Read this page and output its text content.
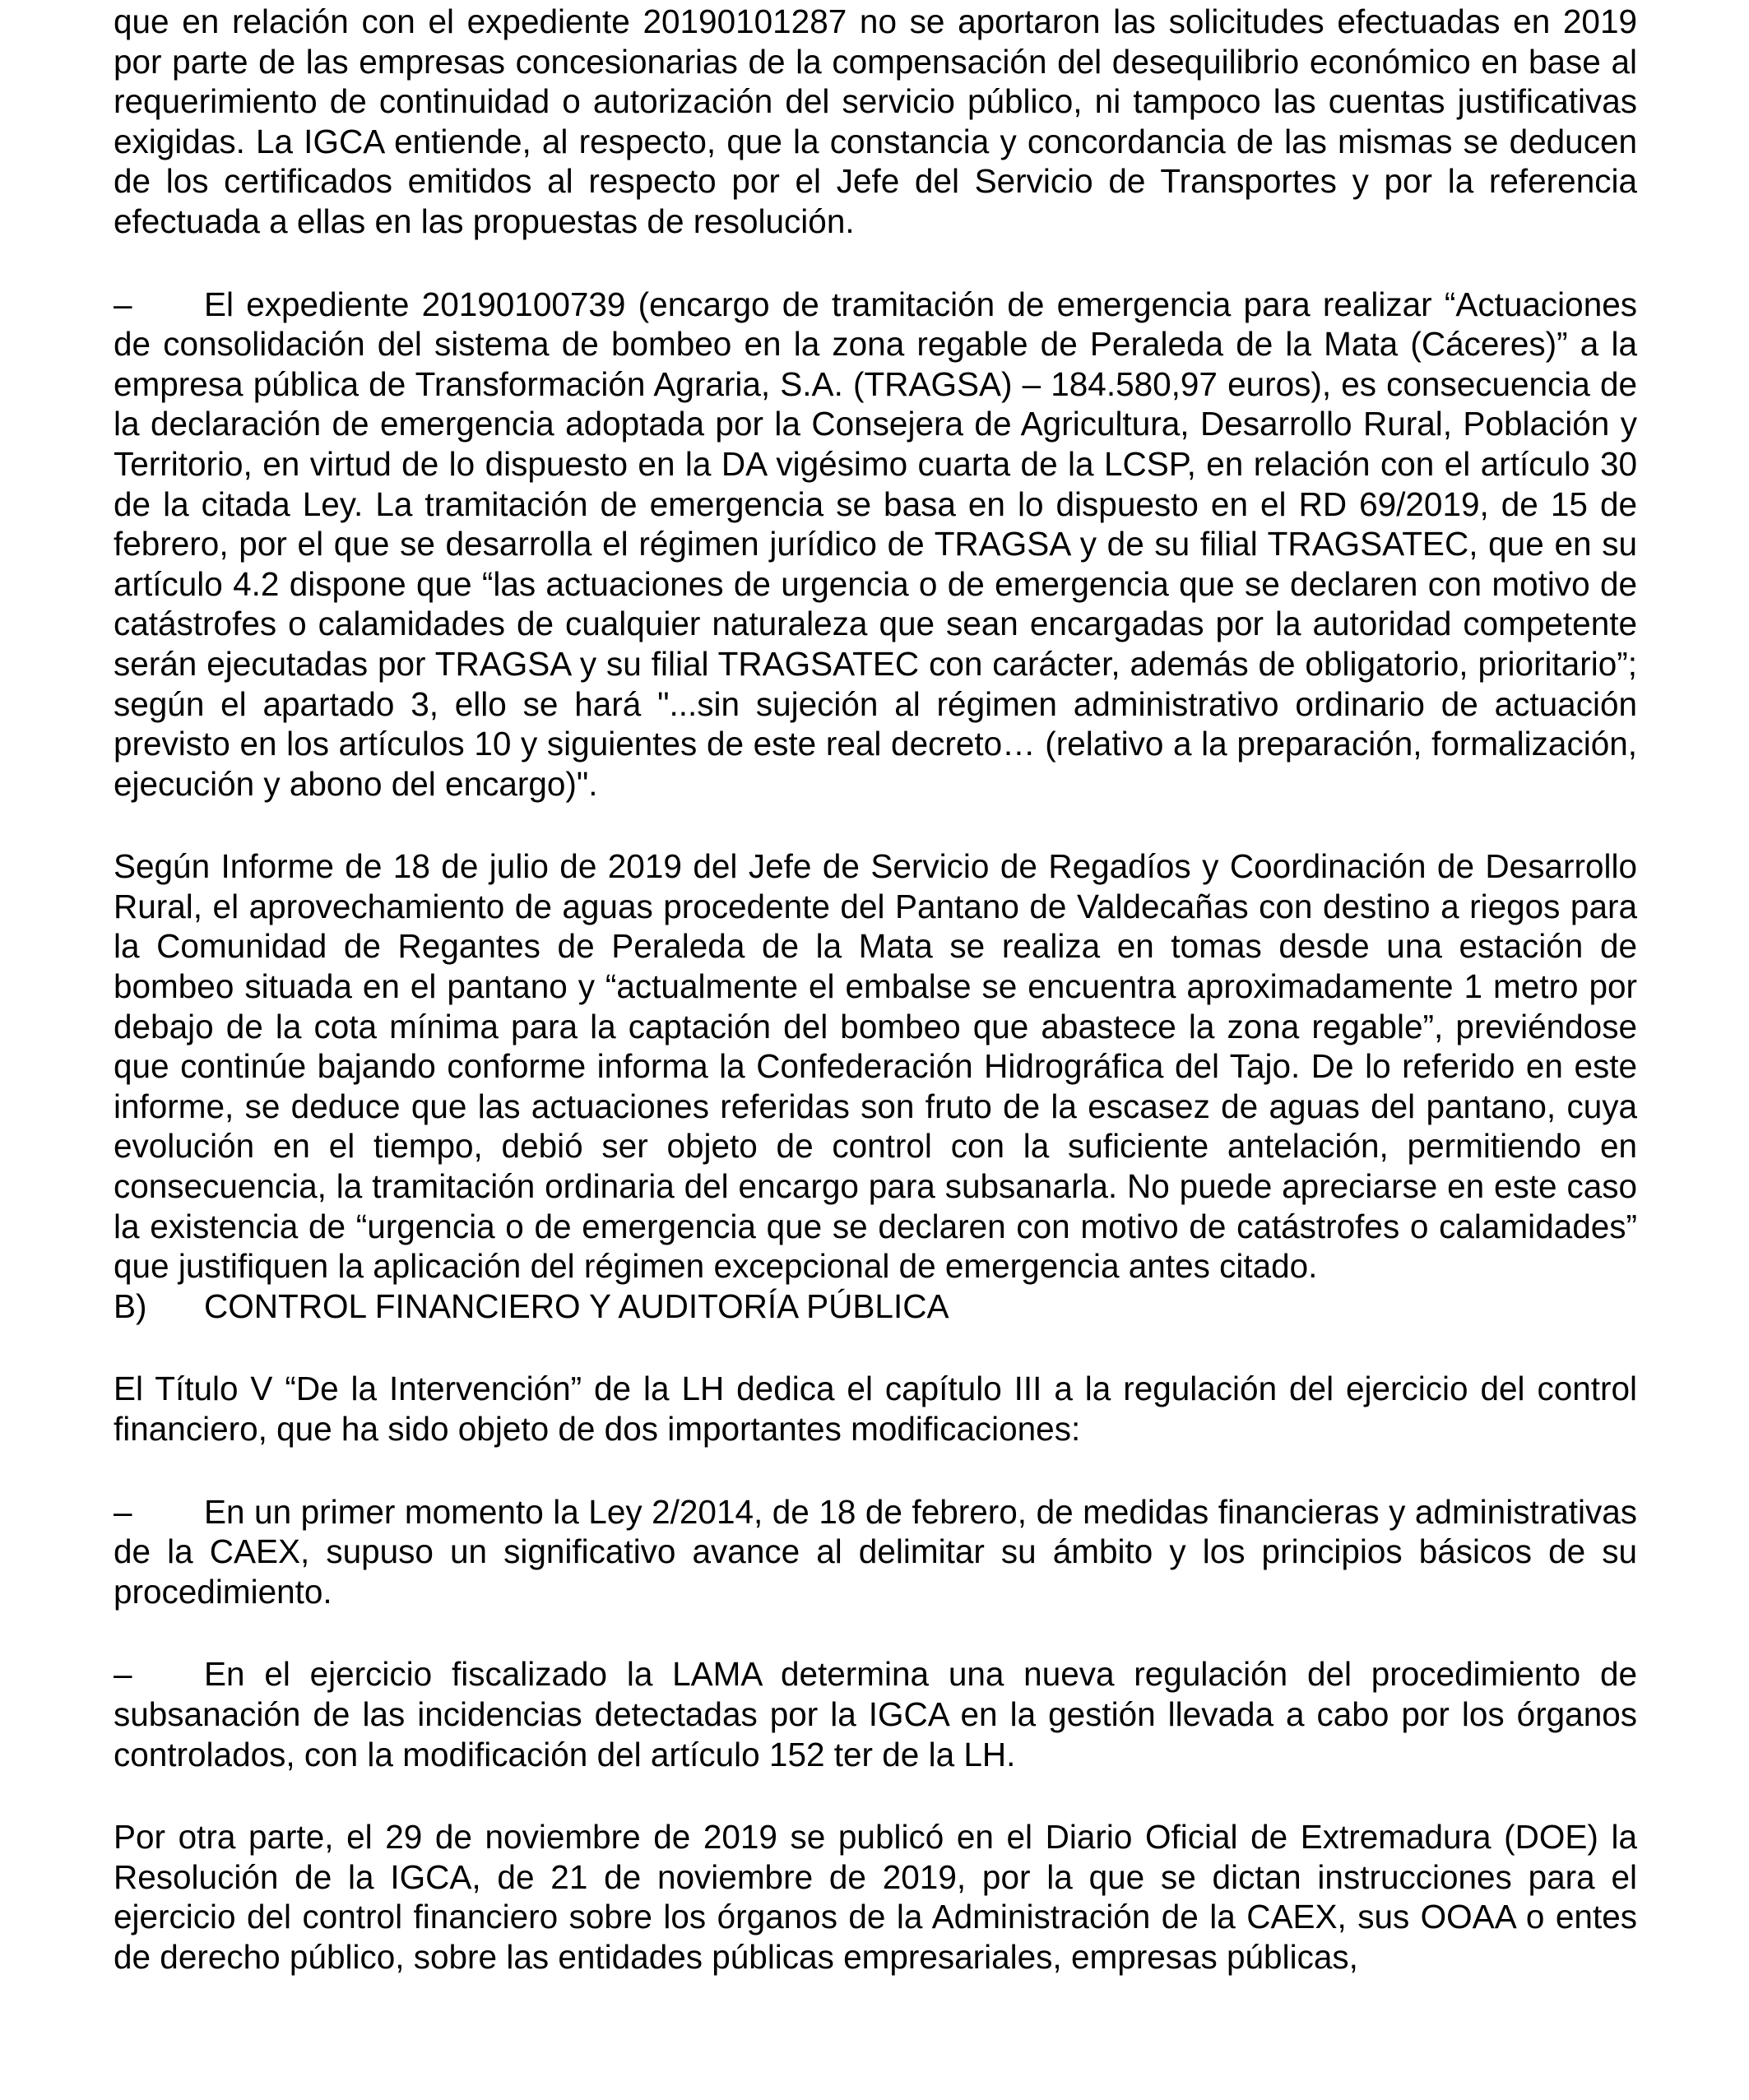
que en relación con el expediente 20190101287 no se aportaron las solicitudes efectuadas en 2019 por parte de las empresas concesionarias de la compensación del desequilibrio económico en base al requerimiento de continuidad o autorización del servicio público, ni tampoco las cuentas justificativas exigidas. La IGCA entiende, al respecto, que la constancia y concordancia de las mismas se deducen de los certificados emitidos al respecto por el Jefe del Servicio de Transportes y por la referencia efectuada a ellas en las propuestas de resolución.

– El expediente 20190100739 (encargo de tramitación de emergencia para realizar “Actuaciones de consolidación del sistema de bombeo en la zona regable de Peraleda de la Mata (Cáceres)” a la empresa pública de Transformación Agraria, S.A. (TRAGSA) – 184.580,97 euros), es consecuencia de la declaración de emergencia adoptada por la Consejera de Agricultura, Desarrollo Rural, Población y Territorio, en virtud de lo dispuesto en la DA vigésimo cuarta de la LCSP, en relación con el artículo 30 de la citada Ley. La tramitación de emergencia se basa en lo dispuesto en el RD 69/2019, de 15 de febrero, por el que se desarrolla el régimen jurídico de TRAGSA y de su filial TRAGSATEC, que en su artículo 4.2 dispone que “las actuaciones de urgencia o de emergencia que se declaren con motivo de catástrofes o calamidades de cualquier naturaleza que sean encargadas por la autoridad competente serán ejecutadas por TRAGSA y su filial TRAGSATEC con carácter, además de obligatorio, prioritario”; según el apartado 3, ello se hará "...sin sujeción al régimen administrativo ordinario de actuación previsto en los artículos 10 y siguientes de este real decreto… (relativo a la preparación, formalización, ejecución y abono del encargo)".

Según Informe de 18 de julio de 2019 del Jefe de Servicio de Regadíos y Coordinación de Desarrollo Rural, el aprovechamiento de aguas procedente del Pantano de Valdecañas con destino a riegos para la Comunidad de Regantes de Peraleda de la Mata se realiza en tomas desde una estación de bombeo situada en el pantano y “actualmente el embalse se encuentra aproximadamente 1 metro por debajo de la cota mínima para la captación del bombeo que abastece la zona regable”, previéndose que continúe bajando conforme informa la Confederación Hidrográfica del Tajo. De lo referido en este informe, se deduce que las actuaciones referidas son fruto de la escasez de aguas del pantano, cuya evolución en el tiempo, debió ser objeto de control con la suficiente antelación, permitiendo en consecuencia, la tramitación ordinaria del encargo para subsanarla. No puede apreciarse en este caso la existencia de “urgencia o de emergencia que se declaren con motivo de catástrofes o calamidades” que justifiquen la aplicación del régimen excepcional de emergencia antes citado.

B)	CONTROL FINANCIERO Y AUDITORÍA PÚBLICA

El Título V “De la Intervención” de la LH dedica el capítulo III a la regulación del ejercicio del control financiero, que ha sido objeto de dos importantes modificaciones:

– En un primer momento la Ley 2/2014, de 18 de febrero, de medidas financieras y administrativas de la CAEX, supuso un significativo avance al delimitar su ámbito y los principios básicos de su procedimiento.

– En el ejercicio fiscalizado la LAMA determina una nueva regulación del procedimiento de subsanación de las incidencias detectadas por la IGCA en la gestión llevada a cabo por los órganos controlados, con la modificación del artículo 152 ter de la LH.

Por otra parte, el 29 de noviembre de 2019 se publicó en el Diario Oficial de Extremadura (DOE) la Resolución de la IGCA, de 21 de noviembre de 2019, por la que se dictan instrucciones para el ejercicio del control financiero sobre los órganos de la Administración de la CAEX, sus OOAA o entes de derecho público, sobre las entidades públicas empresariales, empresas públicas,
